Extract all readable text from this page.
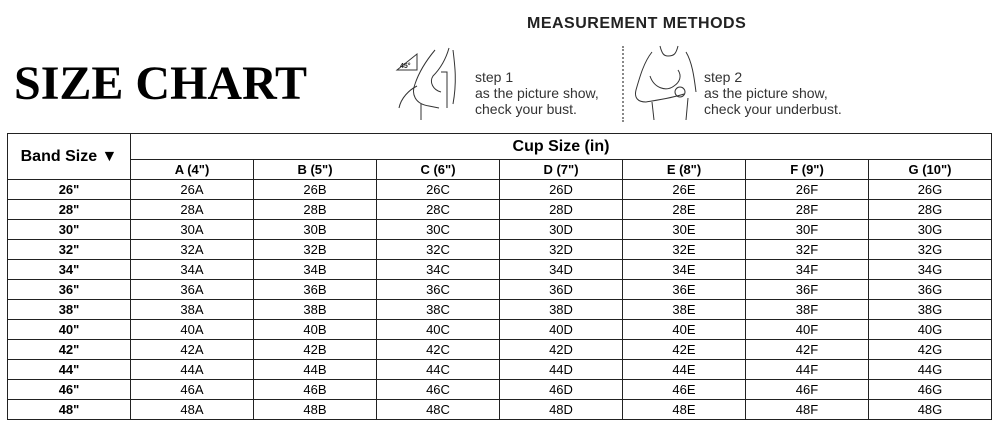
SIZE CHART
MEASUREMENT METHODS
45°
step 1
as the picture show,
check your bust.
step 2
as the picture show,
check your underbust.
Band Size ▼	Cup Size (in)						
	A (4")	B (5")	C (6")	D (7")	E (8")	F (9")	G (10")
26"	26A	26B	26C	26D	26E	26F	26G
28"	28A	28B	28C	28D	28E	28F	28G
30"	30A	30B	30C	30D	30E	30F	30G
32"	32A	32B	32C	32D	32E	32F	32G
34"	34A	34B	34C	34D	34E	34F	34G
36"	36A	36B	36C	36D	36E	36F	36G
38"	38A	38B	38C	38D	38E	38F	38G
40"	40A	40B	40C	40D	40E	40F	40G
42"	42A	42B	42C	42D	42E	42F	42G
44"	44A	44B	44C	44D	44E	44F	44G
46"	46A	46B	46C	46D	46E	46F	46G
48"	48A	48B	48C	48D	48E	48F	48G
